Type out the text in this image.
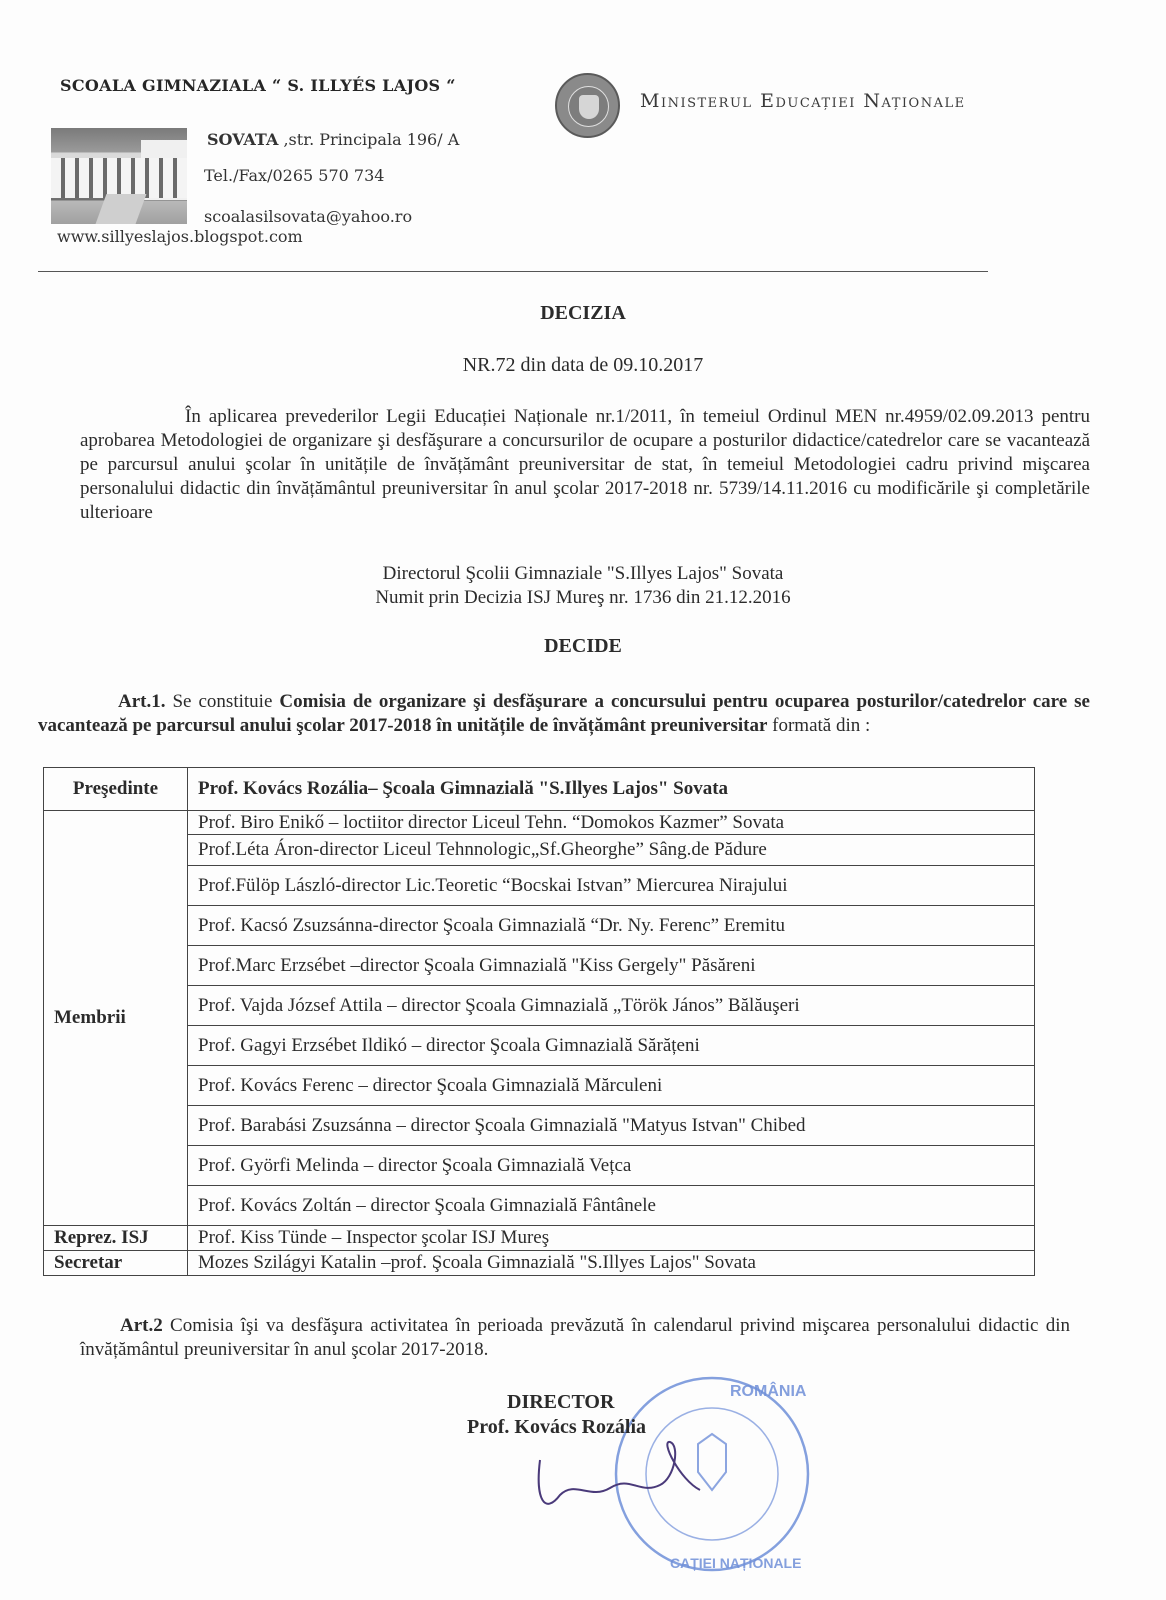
SCOALA GIMNAZIALA “ S. ILLYÉS LAJOS “
SOVATA ,str. Principala 196/ A
Tel./Fax/0265 570 734
scoalasilsovata@yahoo.ro
www.sillyeslajos.blogspot.com
Ministerul Educației Naționale
DECIZIA
NR.72 din data de 09.10.2017
În aplicarea prevederilor Legii Educației Naționale nr.1/2011, în temeiul Ordinul MEN nr.4959/02.09.2013 pentru aprobarea Metodologiei de organizare şi desfăşurare a concursurilor de ocupare a posturilor didactice/catedrelor care se vacantează pe parcursul anului şcolar în unitățile de învățământ preuniversitar de stat, în temeiul Metodologiei cadru privind mişcarea personalului didactic din învățământul preuniversitar în anul şcolar 2017-2018 nr. 5739/14.11.2016 cu modificările şi completările ulterioare
Directorul Şcolii Gimnaziale "S.Illyes Lajos" Sovata
Numit prin Decizia ISJ Mureş nr. 1736 din 21.12.2016
DECIDE
Art.1. Se constituie Comisia de organizare şi desfăşurare a concursului pentru ocuparea posturilor/catedrelor care se vacantează pe parcursul anului şcolar 2017-2018 în unitățile de învățământ preuniversitar formată din :
Preşedinte	Prof. Kovács Rozália– Şcoala Gimnazială "S.Illyes Lajos" Sovata
Membrii	Prof. Biro Enikő – loctiitor director Liceul Tehn. “Domokos Kazmer” Sovata
	Prof.Léta Áron-director Liceul Tehnnologic„Sf.Gheorghe” Sâng.de Pădure
	Prof.Fülöp László-director Lic.Teoretic “Bocskai Istvan” Miercurea Nirajului
	Prof. Kacsó Zsuzsánna-director Şcoala Gimnazială “Dr. Ny. Ferenc” Eremitu
	Prof.Marc Erzsébet –director Şcoala Gimnazială "Kiss Gergely" Păsăreni
	Prof. Vajda József Attila – director Şcoala Gimnazială „Török János” Bălăuşeri
	Prof. Gagyi Erzsébet Ildikó – director Şcoala Gimnazială Sărățeni
	Prof. Kovács Ferenc – director Şcoala Gimnazială Mărculeni
	Prof. Barabási Zsuzsánna – director Şcoala Gimnazială "Matyus Istvan" Chibed
	Prof. Györfi Melinda – director Şcoala Gimnazială Vețca
	Prof. Kovács Zoltán – director Şcoala Gimnazială Fântânele
Reprez. ISJ	Prof. Kiss Tünde – Inspector şcolar ISJ Mureş
Secretar	Mozes Szilágyi Katalin –prof. Şcoala Gimnazială "S.Illyes Lajos" Sovata
Art.2 Comisia îşi va desfăşura activitatea în perioada prevăzută în calendarul privind mişcarea personalului didactic din învățământul preuniversitar în anul şcolar 2017-2018.
ROMÂNIA
CAȚIEI NAȚIONALE
DIRECTOR
Prof. Kovács Rozália
